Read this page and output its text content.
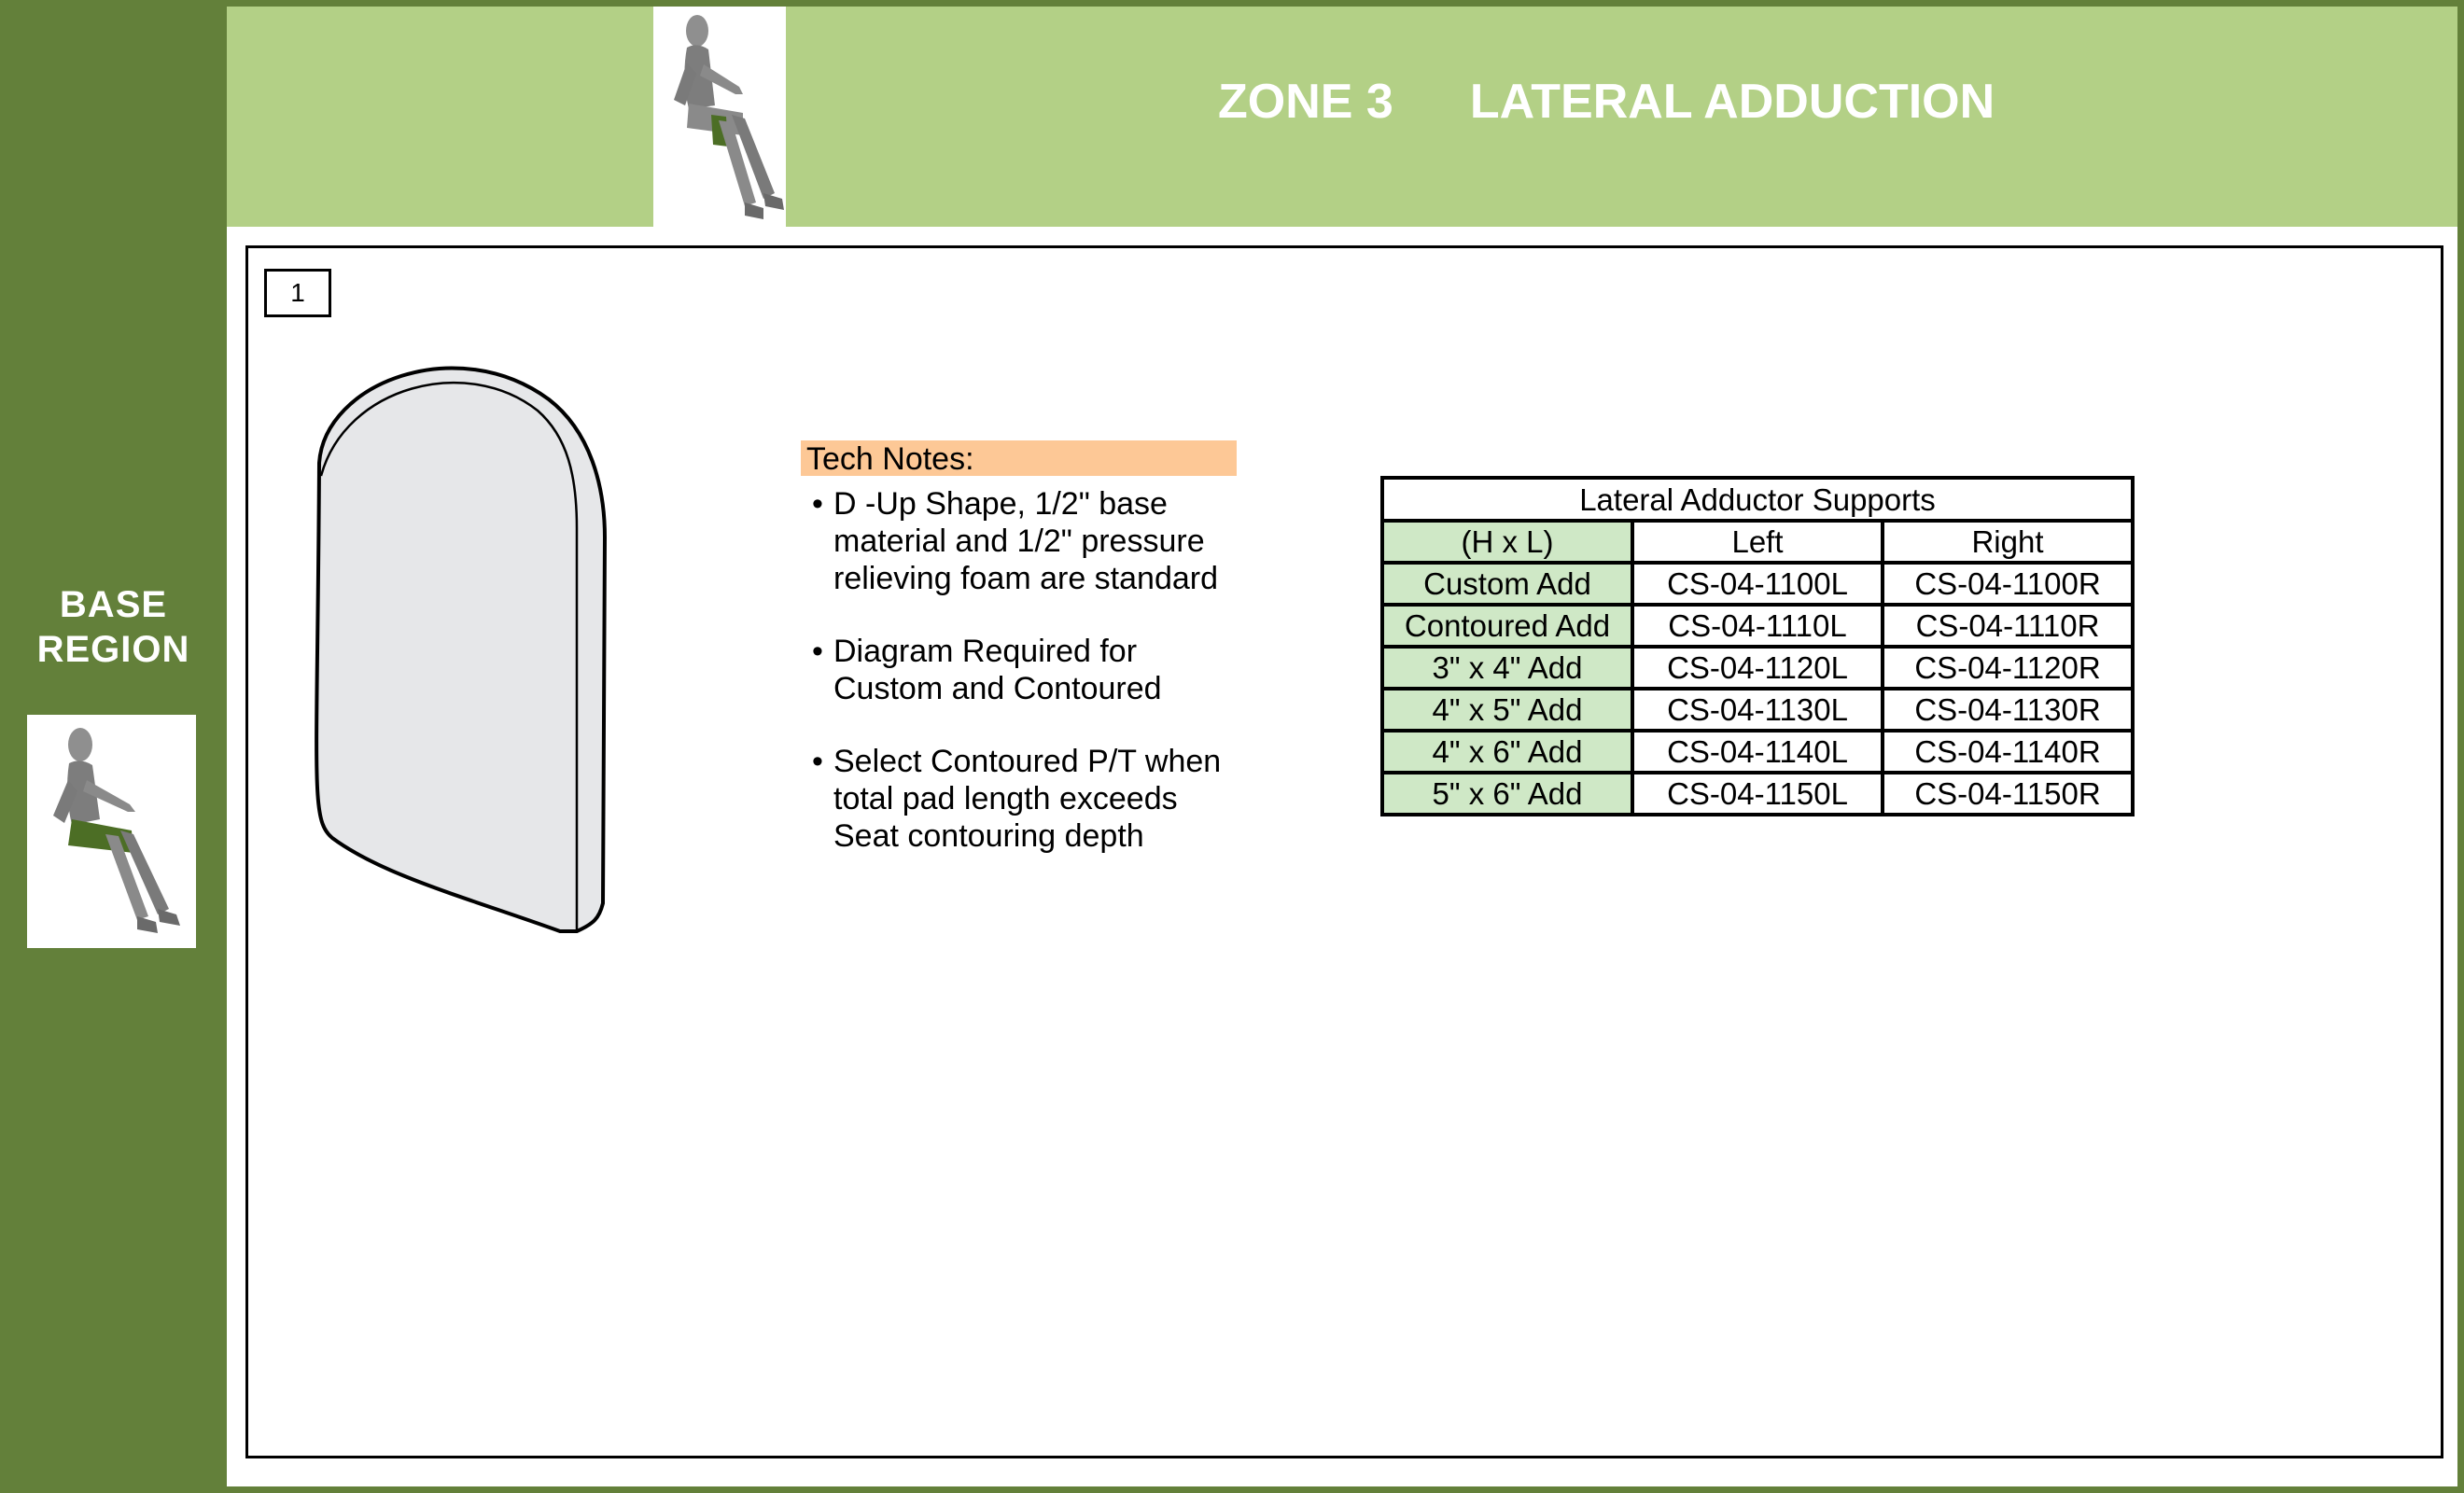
BASE
REGION
ZONE 3 LATERAL ADDUCTION
1
Tech Notes:
• D -Up Shape, 1/2" base material and 1/2" pressure relieving foam are standard
• Diagram Required for Custom and Contoured
• Select Contoured P/T when total pad length exceeds Seat contouring depth
Lateral Adductor Supports		
(H x L)	Left	Right
Custom Add	CS-04-1100L	CS-04-1100R
Contoured Add	CS-04-1110L	CS-04-1110R
3" x 4" Add	CS-04-1120L	CS-04-1120R
4" x 5" Add	CS-04-1130L	CS-04-1130R
4" x 6" Add	CS-04-1140L	CS-04-1140R
5" x 6" Add	CS-04-1150L	CS-04-1150R
